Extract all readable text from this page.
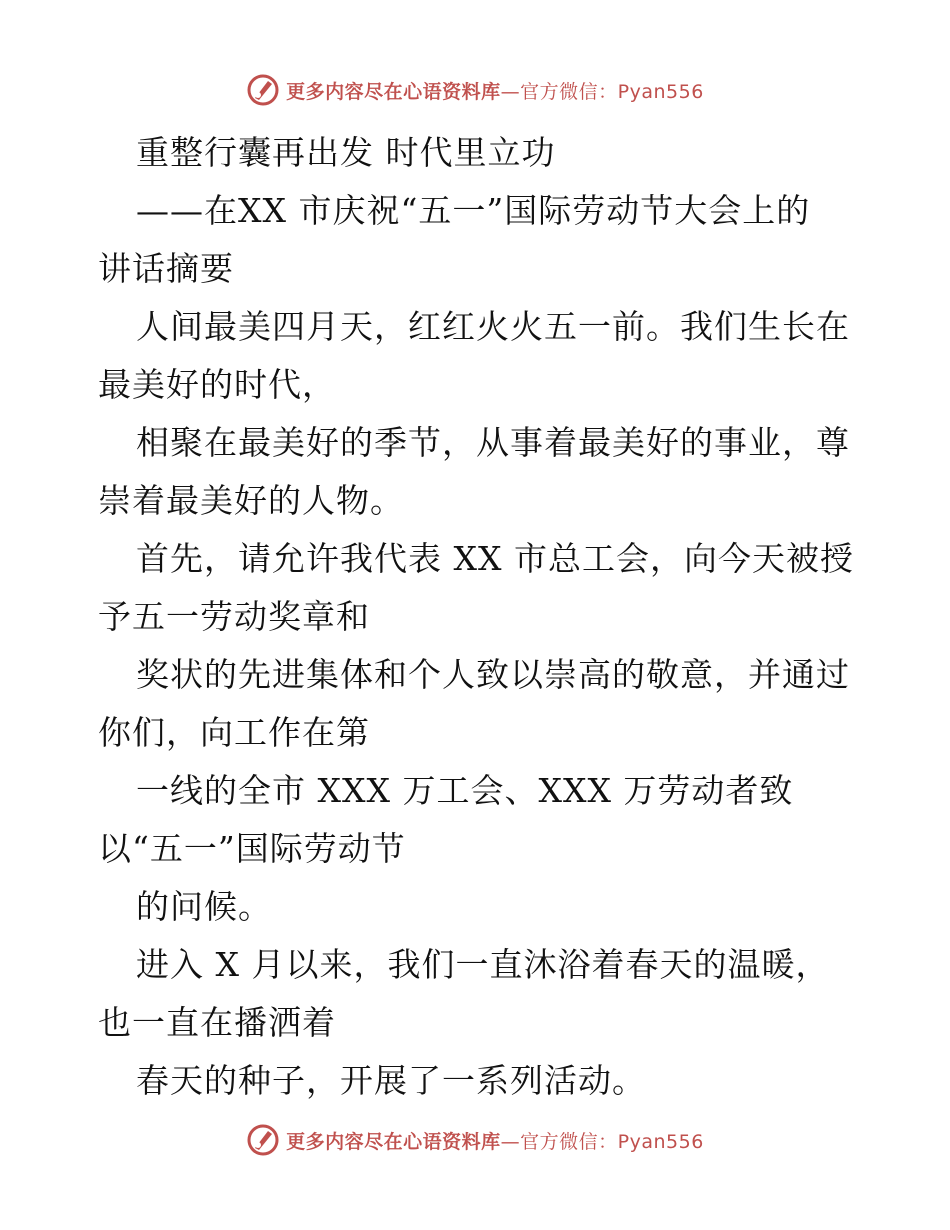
更多内容尽在心语资料库—官方微信：Pyan556
重整行囊再出发 时代里立功
——在XX 市庆祝“五一”国际劳动节大会上的
讲话摘要
人间最美四月天，红红火火五一前。我们生长在
最美好的时代，
相聚在最美好的季节，从事着最美好的事业，尊
崇着最美好的人物。
首先，请允许我代表 XX 市总工会，向今天被授
予五一劳动奖章和
奖状的先进集体和个人致以崇高的敬意，并通过
你们，向工作在第
一线的全市 XXX 万工会、XXX 万劳动者致
以“五一”国际劳动节
的问候。
进入 X 月以来，我们一直沐浴着春天的温暖，
也一直在播洒着
春天的种子，开展了一系列活动。
更多内容尽在心语资料库—官方微信：Pyan556
